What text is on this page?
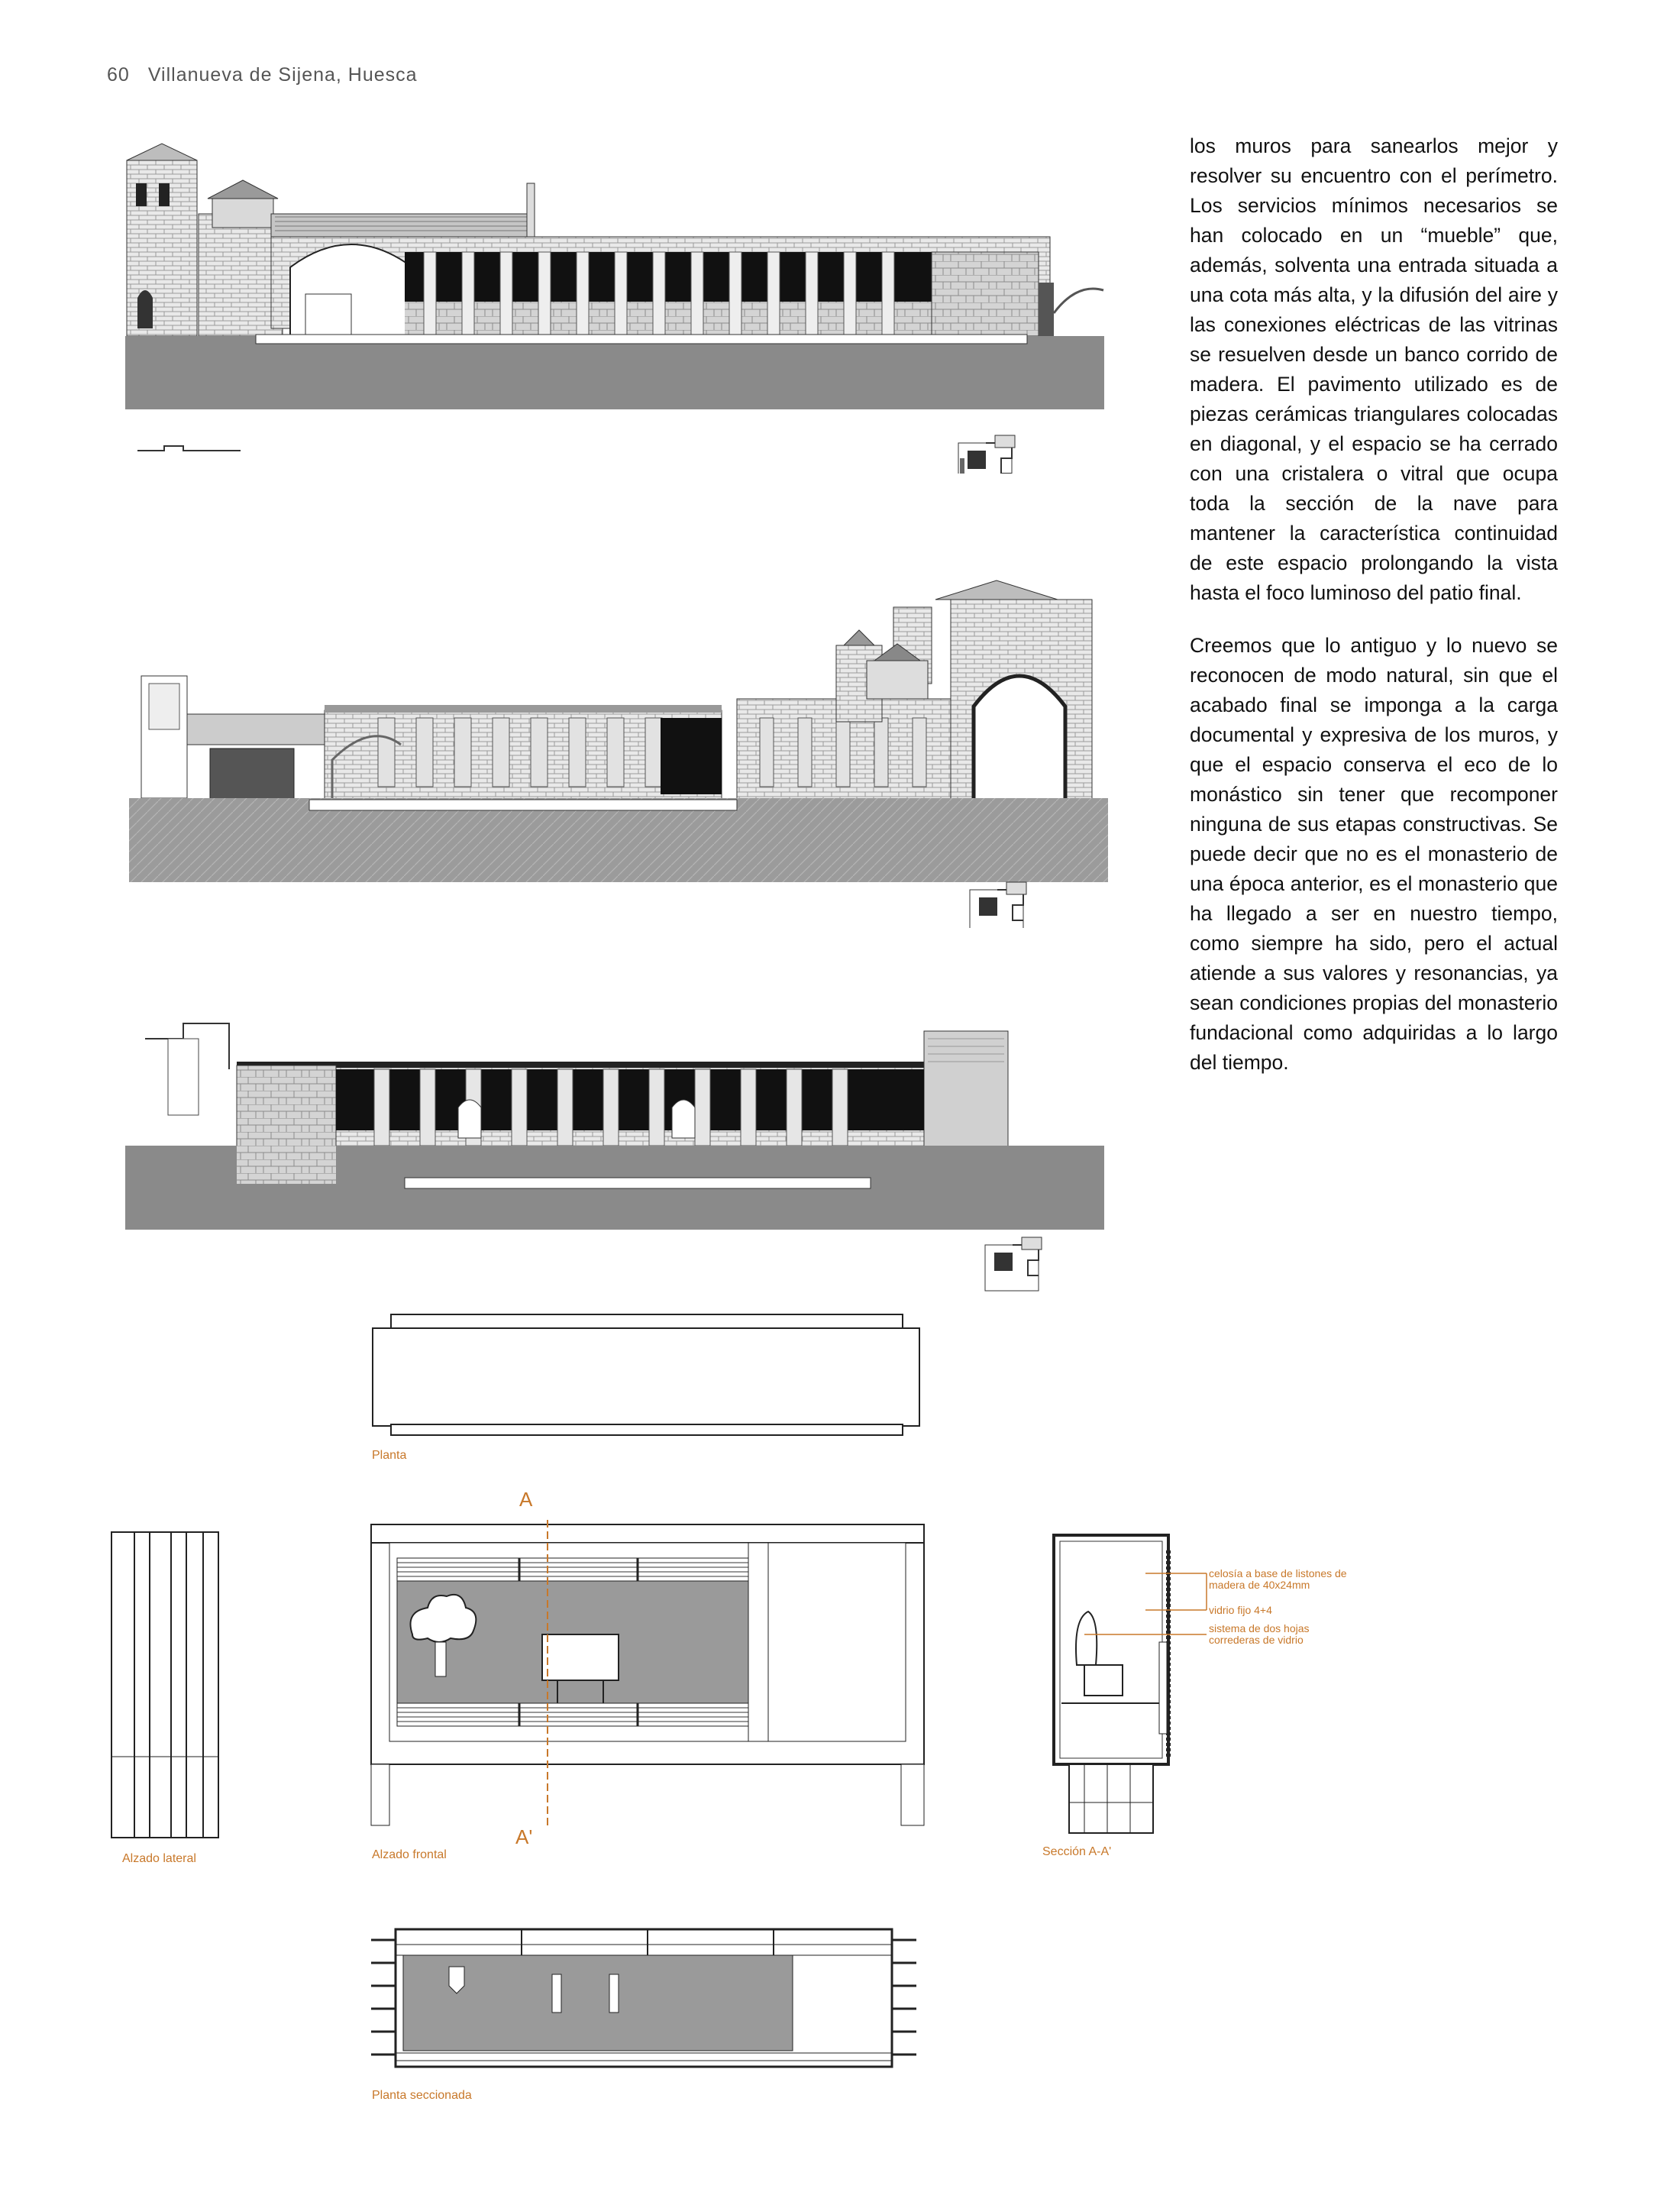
60 Villanueva de Sijena, Huesca
los muros para sanearlos mejor y resolver su encuentro con el perímetro. Los servicios mínimos necesarios se han colocado en un “mueble” que, además, solventa una entrada situada a una cota más alta, y la difusión del aire y las conexiones eléctricas de las vitrinas se resuelven desde un banco corrido de madera. El pavimento utilizado es de piezas cerámicas triangulares colocadas en diagonal, y el espacio se ha cerrado con una cristalera o vitral que ocupa toda la sección de la nave para mantener la característica continuidad de este espacio prolongando la vista hasta el foco luminoso del patio final.
Creemos que lo antiguo y lo nuevo se reconocen de modo natural, sin que el acabado final se imponga a la carga documental y expresiva de los muros, y que el espacio conserva el eco de lo monástico sin tener que recomponer ninguna de sus etapas constructivas. Se puede decir que no es el monasterio de una época anterior, es el monasterio que ha llegado a ser en nuestro tiempo, como siempre ha sido, pero el actual atiende a sus valores y resonancias, ya sean condiciones propias del monasterio fundacional como adquiridas a lo largo del tiempo.
Planta
Alzado lateral
A
A'
Alzado frontal	Sección A-A'
celosía a base de listones de
madera de 40x24mm
vidrio fijo 4+4
sistema de dos hojas
correderas de vidrio
Planta seccionada
